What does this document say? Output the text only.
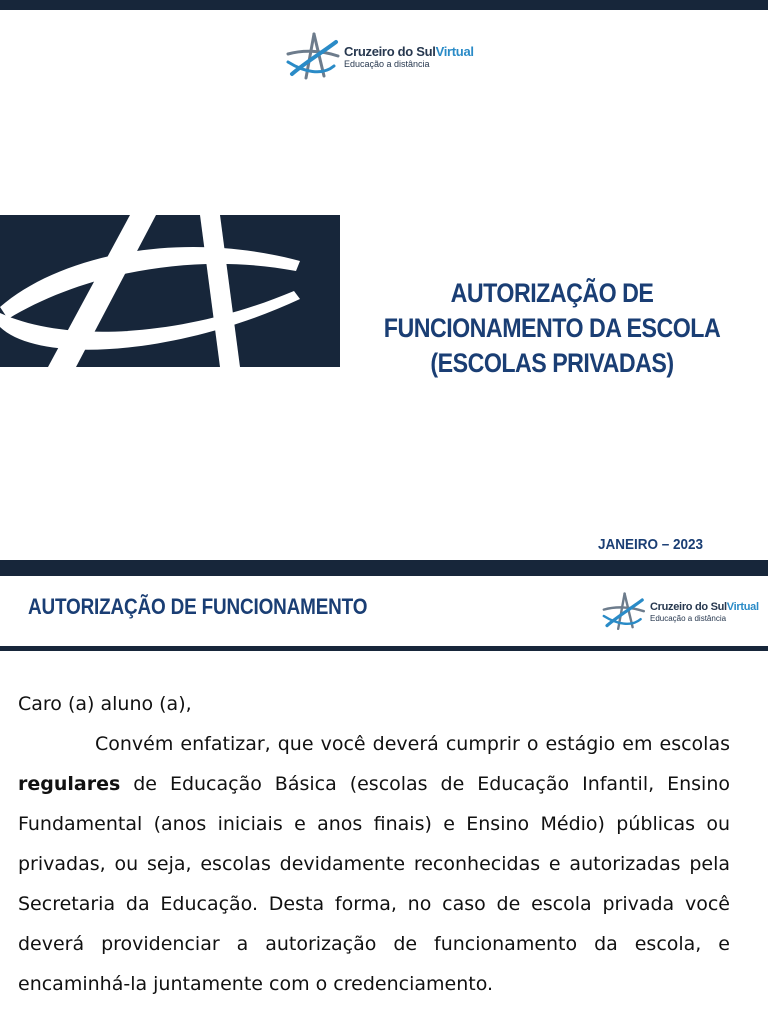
Cruzeiro do SulVirtual
Educação a distância
AUTORIZAÇÃO DE
FUNCIONAMENTO DA ESCOLA
(ESCOLAS PRIVADAS)
JANEIRO – 2023
AUTORIZAÇÃO DE FUNCIONAMENTO	Cruzeiro do SulVirtual
Educação a distância

Caro (a) aluno (a),

Convém enfatizar, que você deverá cumprir o estágio em escolas regulares de Educação Básica (escolas de Educação Infantil, Ensino Fundamental (anos iniciais e anos finais) e Ensino Médio) públicas ou privadas, ou seja, escolas devidamente reconhecidas e autorizadas pela Secretaria da Educação. Desta forma, no caso de escola privada você deverá providenciar a autorização de funcionamento da escola, e encaminhá-la juntamente com o credenciamento.
